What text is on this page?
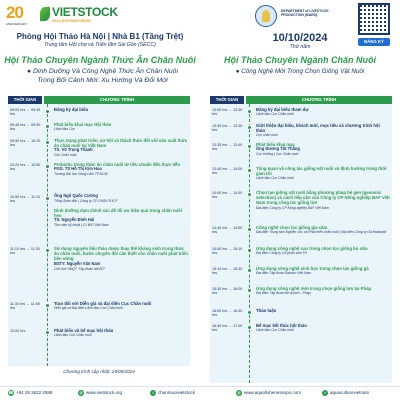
20
ANNIVERSARY
VIETSTOCK
2024 EXPO&FORUM
DEPARTMENT of LIVESTOCK PRODUCTION (MARD)
ĐĂNG KÝ
Phòng Hội Thảo Hà Nội | Nhà B1 (Tầng Trệt)
Trung tâm Hội chợ và Triển lãm Sài Gòn (SECC)
Hội Thảo Chuyên Ngành Thức Ăn Chăn Nuôi
● Dinh Dưỡng Và Công Nghệ Thức Ăn Chăn Nuôi Trong Bối Cảnh Mới: Xu Hướng Và Đổi Mới
10/10/2024
Thứ năm
Hội Thảo Chuyên Ngành Chăn Nuôi
● Công Nghệ Mới Trong Chọn Giống Vật Nuôi
THỜI GIAN	CHƯƠNG TRÌNH
09:00 hrs → 09:45 hrs
Đăng ký đại biểu
09:45 hrs → 09:50 hrs
Phát biểu khai mạc Hội thảo
Lãnh đạo Cục
09:50 hrs → 10:20 hrs
Thực trạng phát triển, cơ hội và thách thức đối với sản xuất thức ăn chăn nuôi tại Việt Nam
TS. Võ Trọng Thành
Cục Chăn nuôi
10:20 hrs → 10:50 hrs
Probiotic trong thức ăn chăn nuôi từ tiêu chuẩn đến thực tiễn
PGS. TS Hồ Thị Kim Hoa
Trường Đại học Nông Lâm TP.HCM
10:50 hrs → 11:10 hrs
Ông Ngô Quốc Cường
Tổng Giám đốc | Công ty CP CNSH R.E.P
Dinh dưỡng dạm chính xác để tối ưu hiệu quả trong chăn nuôi heo
TS. Nguyễn Đình Hải
Thư viện kỹ thuật | CJ BIO Việt Nam
11:10 hrs → 11:30 hrs
Sử dụng nguyên liệu thảo dược thay thế kháng sinh trong thức ăn chăn nuôi, bước chuyển đổi cần thiết cho chăn nuôi phát triển bền vững
BSTY. Nguyễn Văn Nam
Chủ tịch HĐQT, Tập đoàn NAVET
11:30 hrs → 11:55 hrs
Trao đổi với Diễn giả và đại diện Cục Chăn nuôi
Diễn giả và Đại diện Lãnh đạo Cục Chăn nuôi
12:00 hrs	Phát biểu và bế mạc hội thảo
Lãnh đạo Cục Chăn nuôi
Chương trình cập nhật: 25/09/2024
THỜI GIAN	CHƯƠNG TRÌNH
13:00 hrs → 13:30 hrs
Đăng ký đại biểu tham dự
Lãnh đạo Cục Chăn nuôi
13:30 hrs → 13:35 hrs
Giới thiệu đại biểu, khách mời, mục tiêu và chương trình hội thảo
Cục chăn nuôi
13:35 hrs → 13:40 hrs
Phát biểu khai mạc
Ông Dương Tất Thắng
Cục trưởng | Cục Chăn nuôi
13:40 hrs → 14:00 hrs
Tổng quan về công tác giống vật nuôi và định hướng trong thời gian tới
Lãnh đạo Cục Chăn nuôi
14:00 hrs → 14:40 hrs
Chọn tạo giống vật nuôi bằng phương pháp hệ gen (genomic selection) và cách tiếp cận của Công ty CP Nông nghiệp BAF Việt Nam trong công tác giống lợn
Đại diện Công ty CP Nông nghiệp BAF Việt Nam
14:40 hrs → 14:50 hrs
Công nghệ chọn lọc giống gia cầm
Đại diện Trung tâm Nghiên cứu và Phát triển chăn nuôi | Đại diện Công ty Gà Hubbard
14:50 hrs → 15:10 hrs
Ứng dụng công nghệ cao trong chọn lọc giống bò sữa
Đại diện Công ty Cổ phần sữa TH
15:10 hrs → 15:30 hrs
Ứng dụng công nghệ sinh học trong chọn tạo giống gà
Đại diện Tập đoàn Dabaco Việt Nam
15:30 hrs → 16:00 hrs
Ứng dụng công nghệ mới trong chọn giống lợn tại Pháp
Đại diện Tập đoàn lợn Axiom - Pháp
16:00 hrs → 16:40 hrs
Thảo luận
16:40 hrs → 17:00 hrs
Bế mạc kết thúc hội thảo
Lãnh đạo Cục Chăn nuôi
☎ +84 28 3622 2588	◍ www.vietstock.org	f chanmuoivietstock	◍ www.aquafisheriesexpo.com	f aquaculturevietnam
